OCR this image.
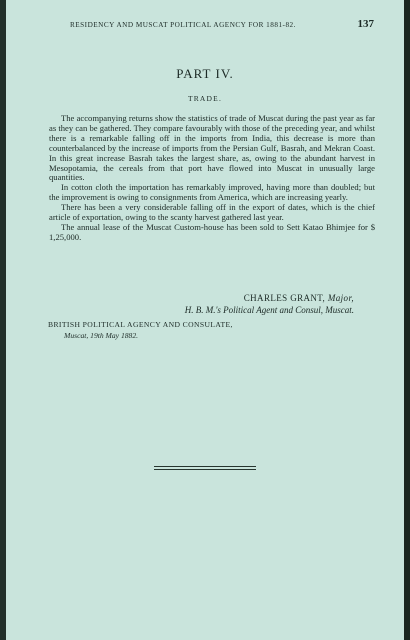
RESIDENCY AND MUSCAT POLITICAL AGENCY FOR 1881-82.	137
PART IV.
TRADE.

The accompanying returns show the statistics of trade of Muscat during the past year as far as they can be gathered. They compare favourably with those of the preceding year, and whilst there is a remarkable falling off in the imports from India, this decrease is more than counterbalanced by the increase of imports from the Persian Gulf, Basrah, and Mekran Coast. In this great increase Basrah takes the largest share, as, owing to the abundant harvest in Mesopotamia, the cereals from that port have flowed into Muscat in unusually large quantities.

In cotton cloth the importation has remarkably improved, having more than doubled; but the improvement is owing to consignments from America, which are increasing yearly.

There has been a very considerable falling off in the export of dates, which is the chief article of exportation, owing to the scanty harvest gathered last year.

The annual lease of the Muscat Custom-house has been sold to Sett Katao Bhimjee for $ 1,25,000.

CHARLES GRANT, Major,
H. B. M.'s Political Agent and Consul, Muscat.
BRITISH POLITICAL AGENCY AND CONSULATE,
Muscat, 19th May 1882.
